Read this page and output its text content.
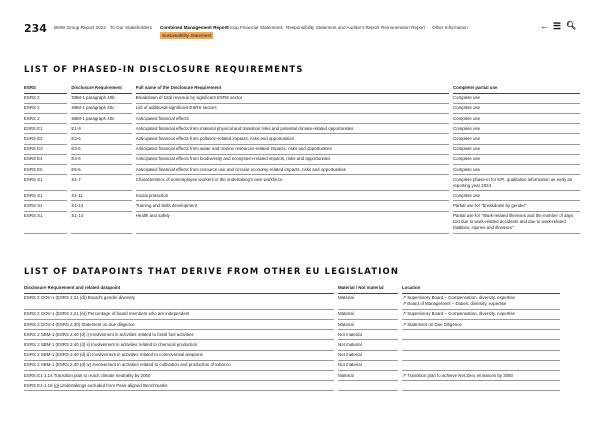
234 BMW Group Report 2024 To Our Stakeholders Combined Management Report
Group Financial Statements Responsibility Statement and Auditor's Report Remuneration Report Other Information
Sustainability Statement
← ☰ 🔍︎
LIST OF PHASED-IN DISCLOSURE REQUIREMENTS
ESRS	Disclosure Requirement	Full name of the Disclosure Requirement	Complete/ partial use
ESRS 2	SBM-1 paragraph 40b	Breakdown of total revenue by significant ESRS sector	Complete use
ESRS 2	SBM-1 paragraph 40c	List of additional significant ESRS sectors	Complete use
ESRS 2	SBM-1 paragraph 40e	Anticipated financial effects	Complete use
ESRS E1	E1-9	Anticipated financial effects from material physical and transition risks and potential climate-related opportunities	Complete use
ESRS E2	E2-6	Anticipated financial effects from pollution-related impacts, risks and opportunities	Complete use
ESRS E3	E3-5	Anticipated financial effects from water and marine resources-related impacts, risks and opportunities	Complete use
ESRS E4	E4-6	Anticipated financial effects from biodiversity and ecosystem-related impacts, risks and opportunities	Complete use
ESRS E5	E5-6	Anticipated financial effects from resource use and circular economy-related impacts, risks and opportunities	Complete use
ESRS S1	S1-7	Characteristics of nonemployee workers in the undertaking's own workforce	Complete phase-in for KPI, qualitative information as early as reporting year 2024.
ESRS S1	S1-11	Social protection	Complete use
ESRS S1	S1-13	Training and skills development	Partial use for "breakdown by gender"
ESRS S1	S1-14	Health and safety	Partial use for "Work-related illnesses and the number of days lost due to work-related accidents and due to work-related fatalities, injuries and illnesses"
LIST OF DATAPOINTS THAT DERIVE FROM OTHER EU LEGISLATION
Disclosure Requirement and related datapoint	Material / Not material	Location
ESRS 2 GOV-1 (ESRS 2.21 (d)) Board's gender diversity	Material	↗Supervisory Board – Compensation, diversity, expertise
↗Board of Management – Duties, diversity, expertise

ESRS 2 GOV-1 (ESRS 2.21 (e)) Percentage of board members who are independent	Material	↗Supervisory Board – Compensation, diversity, expertise

ESRS 2 GOV-4 (ESRS 2.30) Statement on due diligence	Material	↗Statement on Due Diligence

ESRS 2 SBM-1 (ESRS 2.40 (d) i) Involvement in activities related to fossil fuel activities	Not material	
ESRS 2 SBM-1 (ESRS 2.40 (d) ii) Involvement in activities related to chemical production	Not material	
ESRS 2 SBM-1 (ESRS 2.40 (d) iii) Involvement in activities related to controversial weapons	Not material	
ESRS 2 SBM-1 (ESRS 2.40 (d) iv) Involvement in activities related to cultivation and production of tobacco	Not material	
ESRS E1-1.14 Transition plan to reach climate neutrality by 2050	Material	↗Transition plan to achieve Net Zero emissions by 2050

ESRS E1-1.16 (g) Undertakings excluded from Paris-aligned Benchmarks		
